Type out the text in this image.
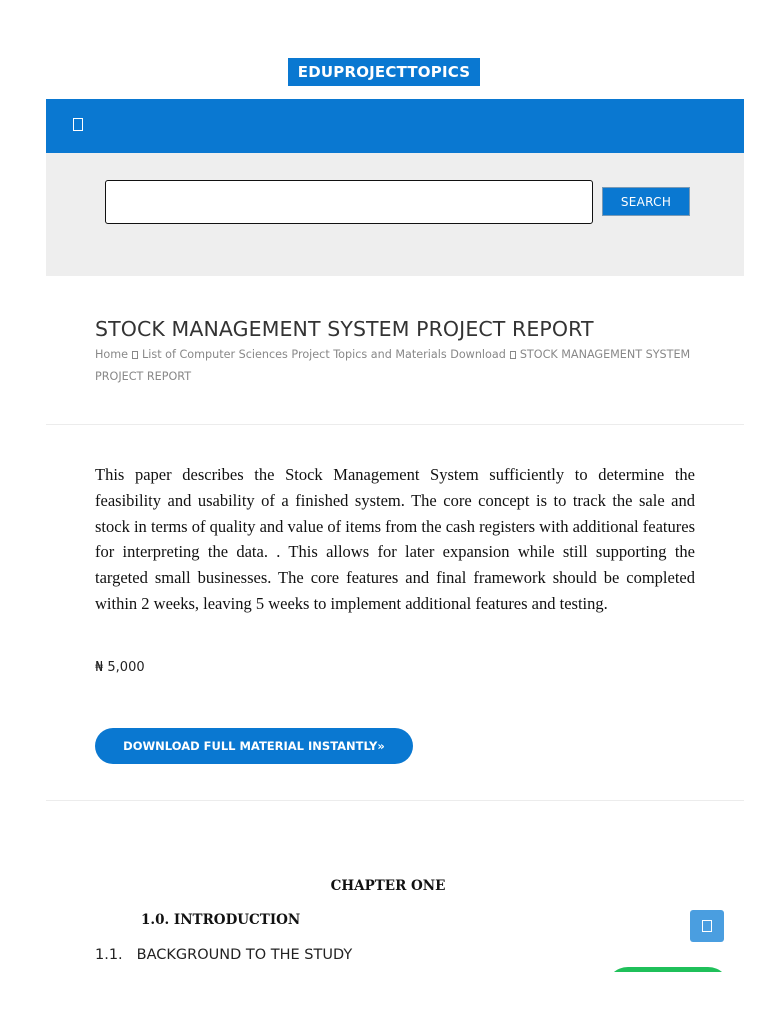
EDUPROJECTTOPICS
SEARCH
STOCK MANAGEMENT SYSTEM PROJECT REPORT
Home List of Computer Sciences Project Topics and Materials Download STOCK MANAGEMENT SYSTEM PROJECT REPORT

This paper describes the Stock Management System sufficiently to determine the feasibility and usability of a finished system. The core concept is to track the sale and stock in terms of quality and value of items from the cash registers with additional features for interpreting the data. . This allows for later expansion while still supporting the targeted small businesses. The core features and final framework should be completed within 2 weeks, leaving 5 weeks to implement additional features and testing.

₦ 5,000
DOWNLOAD FULL MATERIAL INSTANTLY»
CHAPTER ONE
1.0. INTRODUCTION
1.1. BACKGROUND TO THE STUDY
